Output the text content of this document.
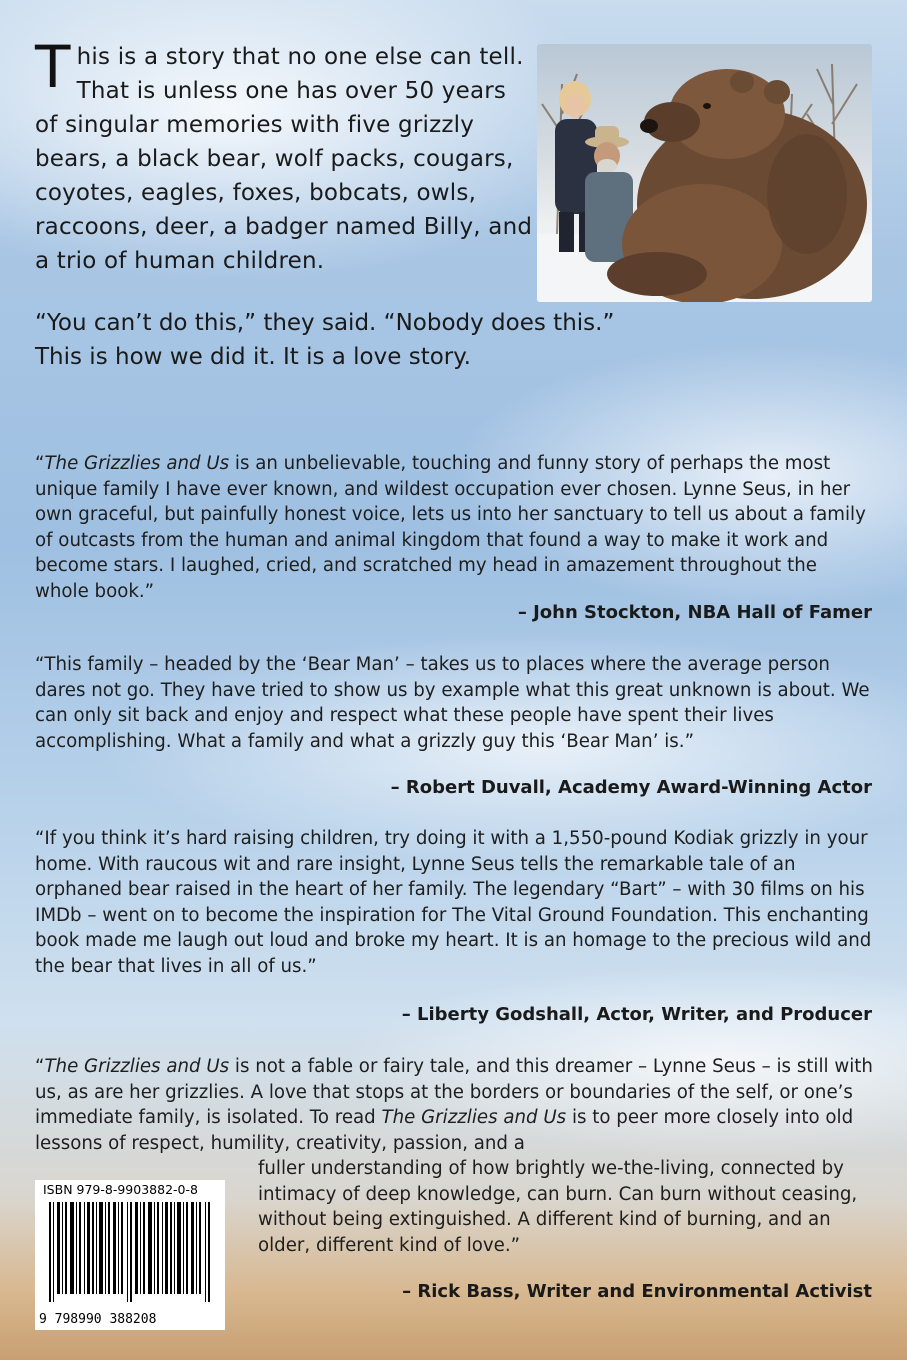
T his is a story that no one else can tell. That is unless one has over 50 years of singular memories with five grizzly bears, a black bear, wolf packs, cougars, coyotes, eagles, foxes, bobcats, owls, raccoons, deer, a badger named Billy, and a trio of human children.
“You can’t do this,” they said. “Nobody does this.” This is how we did it. It is a love story.

“The Grizzlies and Us is an unbelievable, touching and funny story of perhaps the most unique family I have ever known, and wildest occupation ever chosen. Lynne Seus, in her own graceful, but painfully honest voice, lets us into her sanctuary to tell us about a family of outcasts from the human and animal kingdom that found a way to make it work and become stars. I laughed, cried, and scratched my head in amazement throughout the whole book.”

– John Stockton, NBA Hall of Famer

“This family – headed by the ‘Bear Man’ – takes us to places where the average person dares not go. They have tried to show us by example what this great unknown is about. We can only sit back and enjoy and respect what these people have spent their lives accomplishing. What a family and what a grizzly guy this ‘Bear Man’ is.”

– Robert Duvall, Academy Award-Winning Actor

“If you think it’s hard raising children, try doing it with a 1,550-pound Kodiak grizzly in your home. With raucous wit and rare insight, Lynne Seus tells the remarkable tale of an orphaned bear raised in the heart of her family. The legendary “Bart” – with 30 films on his IMDb – went on to become the inspiration for The Vital Ground Foundation. This enchanting book made me laugh out loud and broke my heart. It is an homage to the precious wild and the bear that lives in all of us.”

– Liberty Godshall, Actor, Writer, and Producer

“The Grizzlies and Us is not a fable or fairy tale, and this dreamer – Lynne Seus – is still with us, as are her grizzlies. A love that stops at the borders or boundaries of the self, or one’s immediate family, is isolated. To read The Grizzlies and Us is to peer more closely into old lessons of respect, humility, creativity, passion, and a

fuller understanding of how brightly we-the-living, connected by intimacy of deep knowledge, can burn. Can burn without ceasing, without being extinguished. A different kind of burning, and an older, different kind of love.”

– Rick Bass, Writer and Environmental Activist
ISBN 979-8-9903882-0-8
9 798990 388208
